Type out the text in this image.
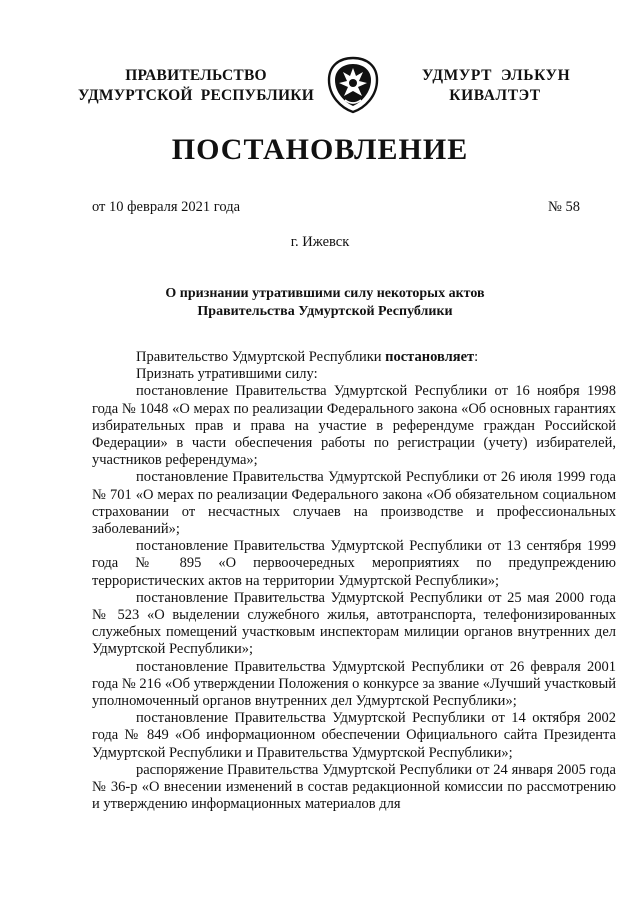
ПРАВИТЕЛЬСТВО
УДМУРТСКОЙ  РЕСПУБЛИКИ
УДМУРТ  ЭЛЬКУН
КИВАЛТЭТ
ПОСТАНОВЛЕНИЕ
от 10 февраля 2021 года	№ 58
г. Ижевск
О признании утратившими силу некоторых актов
Правительства Удмуртской Республики

Правительство Удмуртской Республики постановляет:

Признать утратившими силу:

постановление Правительства Удмуртской Республики от 16 ноября 1998 года № 1048 «О мерах по реализации Федерального закона «Об основных гарантиях избирательных прав и права на участие в референдуме граждан Российской Федерации» в части обеспечения работы по регистрации (учету) избирателей, участников референдума»;

постановление Правительства Удмуртской Республики от 26 июля 1999 года № 701 «О мерах по реализации Федерального закона «Об обязательном социальном страховании от несчастных случаев на производстве и профессиональных заболеваний»;

постановление Правительства Удмуртской Республики от 13 сентября 1999 года № 895 «О первоочередных мероприятиях по предупреждению террористических актов на территории Удмуртской Республики»;

постановление Правительства Удмуртской Республики от 25 мая 2000 года № 523 «О выделении служебного жилья, автотранспорта, телефонизированных служебных помещений участковым инспекторам милиции органов внутренних дел Удмуртской Республики»;

постановление Правительства Удмуртской Республики от 26 февраля 2001 года № 216 «Об утверждении Положения о конкурсе за звание «Лучший участковый уполномоченный органов внутренних дел Удмуртской Республики»;

постановление Правительства Удмуртской Республики от 14 октября 2002 года № 849 «Об информационном обеспечении Официального сайта Президента Удмуртской Республики и Правительства Удмуртской Республики»;

распоряжение Правительства Удмуртской Республики от 24 января 2005 года № 36-р «О внесении изменений в состав редакционной комиссии по рассмотрению и утверждению информационных материалов для
